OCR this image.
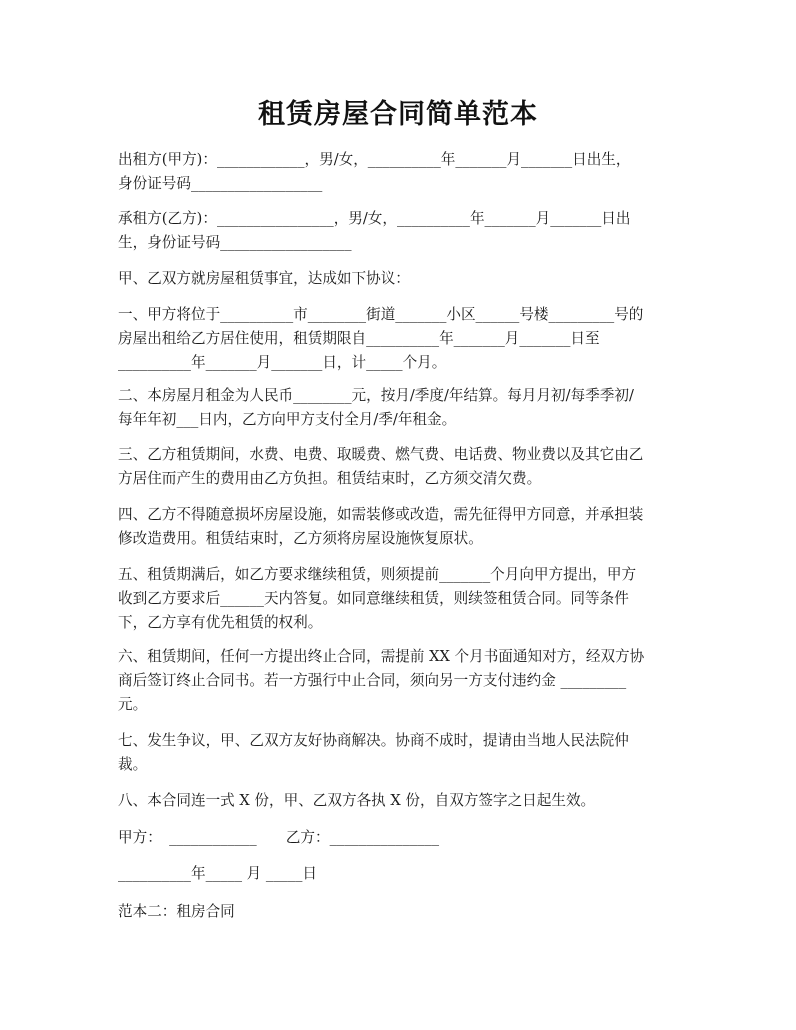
租赁房屋合同简单范本
出租方(甲方)：____________，男/女，__________年_______月_______日出生，
身份证号码__________________
承租方(乙方)：________________，男/女，__________年_______月_______日出
生，身份证号码__________________
甲、乙双方就房屋租赁事宜，达成如下协议：
一、甲方将位于__________市________街道_______小区______号楼_________号的
房屋出租给乙方居住使用，租赁期限自__________年_______月_______日至
__________年_______月_______日，计_____个月。
二、本房屋月租金为人民币________元，按月/季度/年结算。每月月初/每季季初/
每年年初___日内，乙方向甲方支付全月/季/年租金。
三、乙方租赁期间，水费、电费、取暖费、燃气费、电话费、物业费以及其它由乙
方居住而产生的费用由乙方负担。租赁结束时，乙方须交清欠费。
四、乙方不得随意损坏房屋设施，如需装修或改造，需先征得甲方同意，并承担装
修改造费用。租赁结束时，乙方须将房屋设施恢复原状。
五、租赁期满后，如乙方要求继续租赁，则须提前_______个月向甲方提出，甲方
收到乙方要求后______天内答复。如同意继续租赁，则续签租赁合同。同等条件
下，乙方享有优先租赁的权利。
六、租赁期间，任何一方提出终止合同，需提前 XX 个月书面通知对方，经双方协
商后签订终止合同书。若一方强行中止合同，须向另一方支付违约金 _________
元。
七、发生争议，甲、乙双方友好协商解决。协商不成时，提请由当地人民法院仲
裁。
八、本合同连一式 X 份，甲、乙双方各执 X 份，自双方签字之日起生效。
甲方：　____________　　乙方：_______________
__________年_____ 月 _____日
范本二：租房合同
